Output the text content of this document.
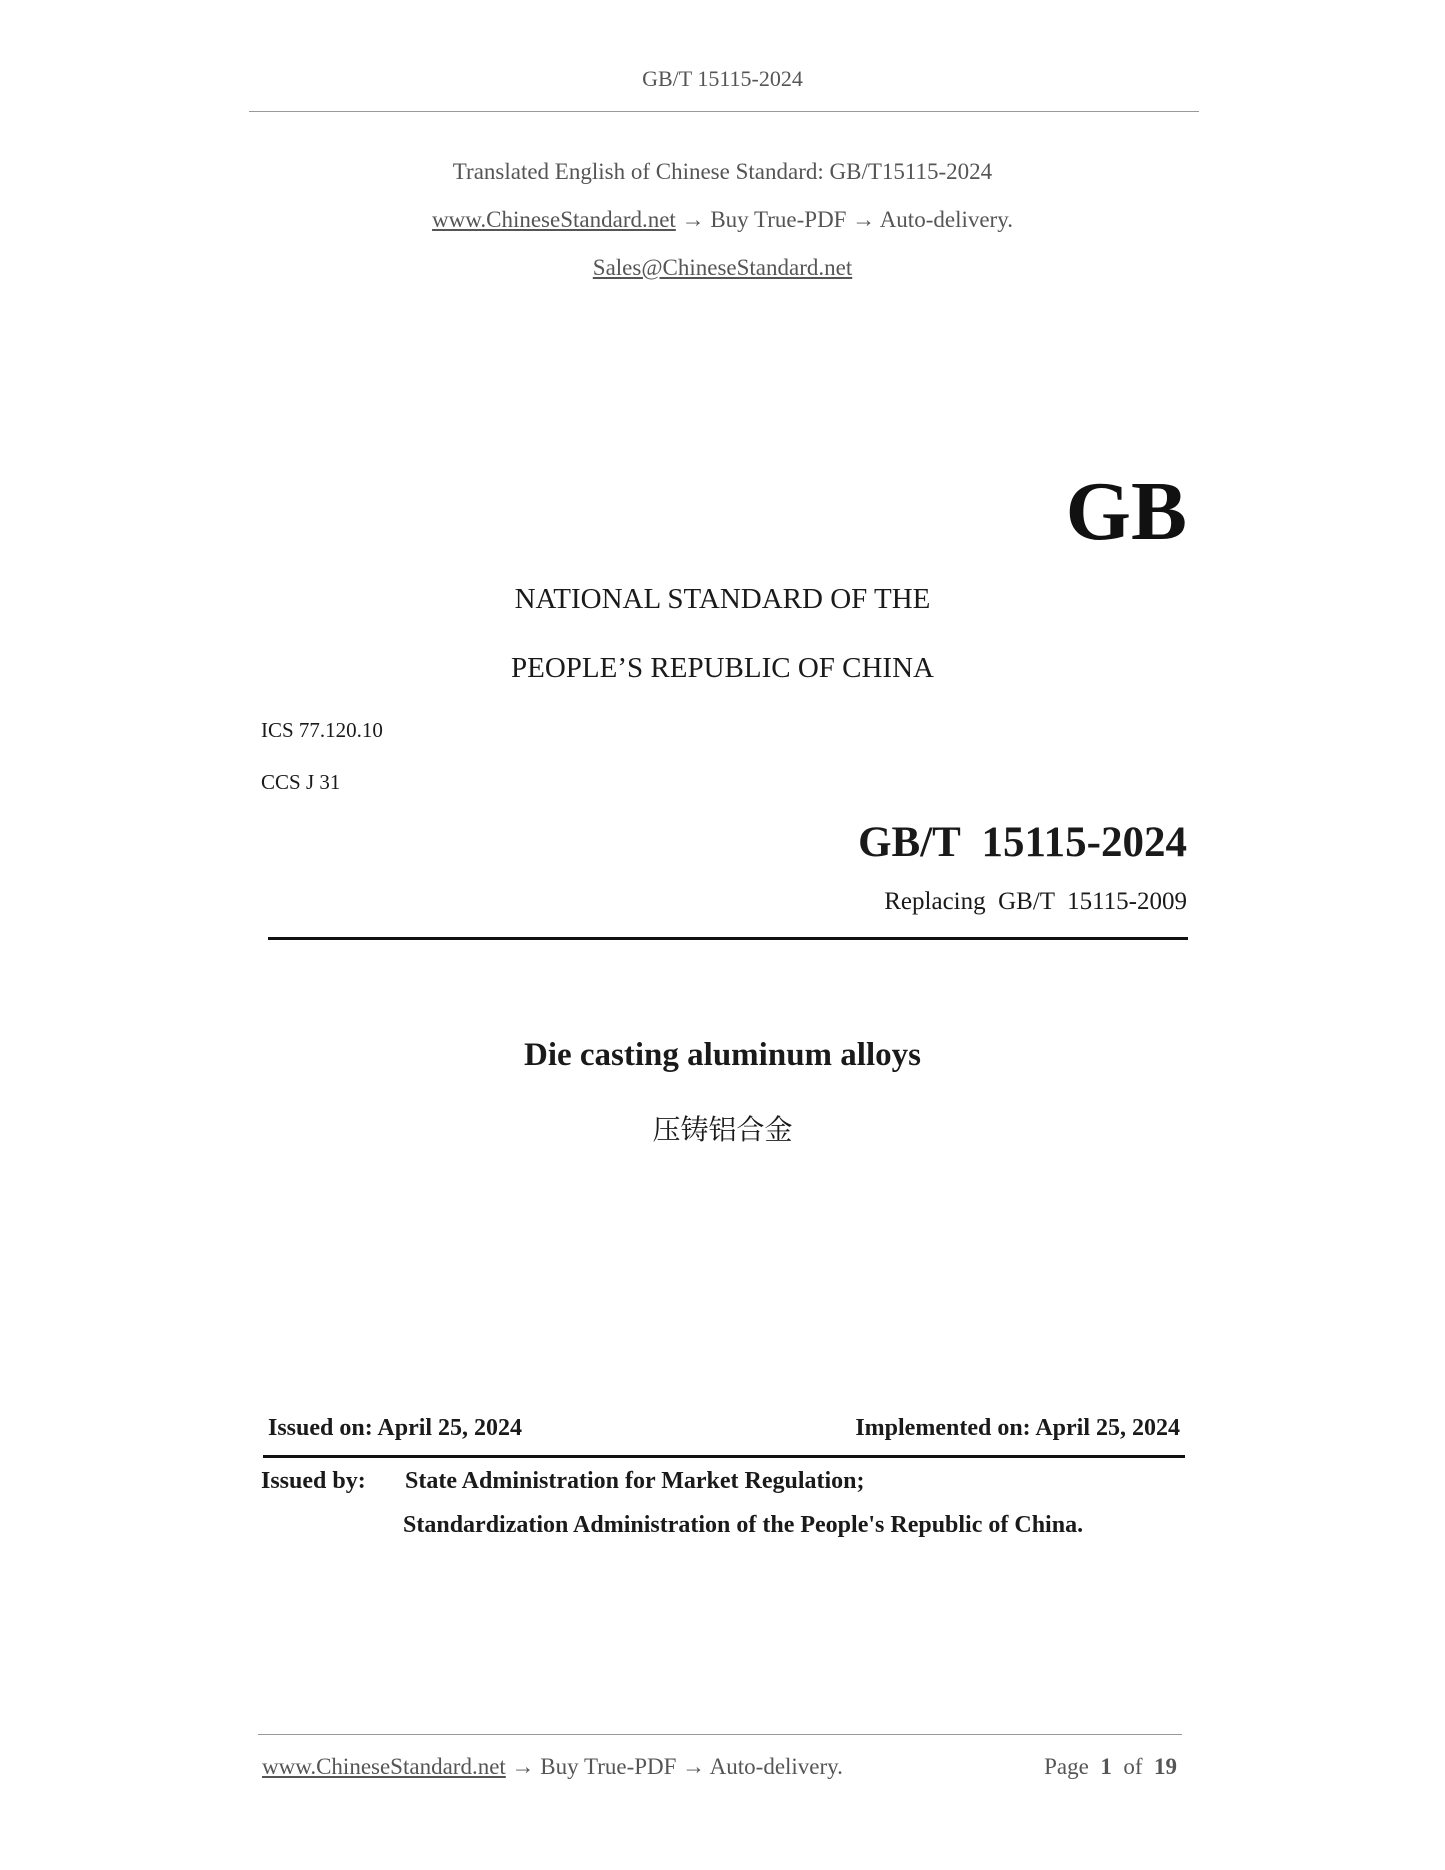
GB/T 15115-2024
Translated English of Chinese Standard: GB/T15115-2024
www.ChineseStandard.net → Buy True-PDF → Auto-delivery.
Sales@ChineseStandard.net
GB
NATIONAL STANDARD OF THE
PEOPLE’S REPUBLIC OF CHINA
ICS 77.120.10
CCS J 31
GB/T  15115-2024
Replacing  GB/T  15115-2009
Die casting aluminum alloys
压铸铝合金
Issued on: April 25, 2024	Implemented on: April 25, 2024
Issued by: State Administration for Market Regulation;
Standardization Administration of the People's Republic of China.
www.ChineseStandard.net → Buy True-PDF → Auto-delivery.	Page 1 of 19
